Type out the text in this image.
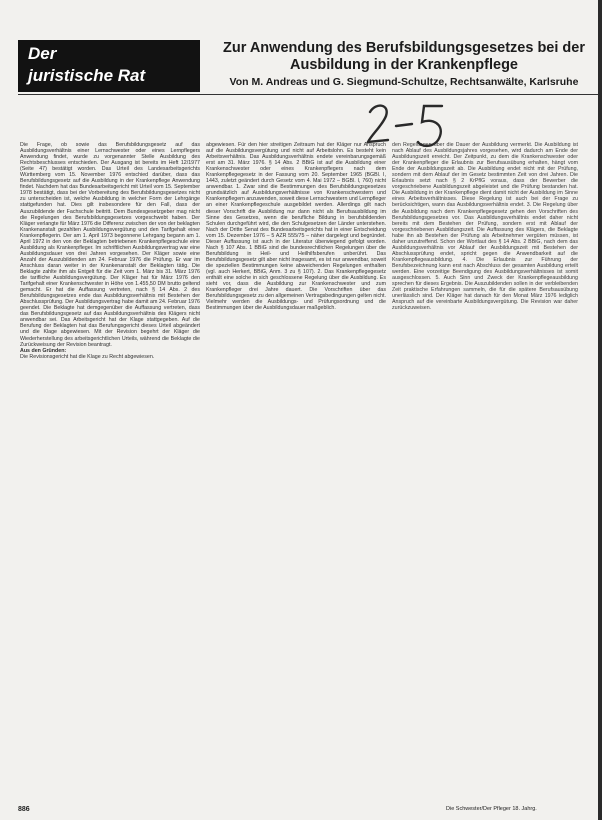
Der
juristische Rat
Zur Anwendung des Berufsbildungsgesetzes bei der Ausbildung in der Krankenpflege
Von M. Andreas und G. Siegmund-Schultze, Rechtsanwälte, Karlsruhe

Die Frage, ob sowie das Berufsbildungsgesetz auf das Ausbildungsverhältnis einer Lernschwester oder eines Lernpflegers Anwendung findet, wurde zu vorgenannter Stelle Ausbildung des Rechtsbeschlusses entschieden. Der Ausgang ist bereits im Heft 12/1977 (Seite 47) bestätigt worden. Das Urteil des Landesarbeitsgerichts Württemberg vom 15. November 1976 entschied darüber, dass das Berufsbildungsgesetz auf die Ausbildung in der Krankenpflege Anwendung findet. Nachdem hat das Bundesarbeitsgericht mit Urteil vom 15. September 1978 bestätigt, dass bei der Vorbereitung des Berufsbildungsgesetzes nicht zu unterscheiden ist, welche Ausbildung in welcher Form der Lehrgänge stattgefunden hat. Dies gilt insbesondere für den Fall, dass der Auszubildende der Fachschule beitritt. Dem Bundesgesetzgeber mag nicht die Regelungen des Berufsbildungsgesetzes vorgeschwebt haben. Der Kläger verlangte für März 1976 die Differenz zwischen der von der beklagten Krankenanstalt gezahlten Ausbildungsvergütung und den Tarifgehalt einer Krankenpflegerin. Der am 1. April 1973 begonnene Lehrgang begann am 1. April 1972 in den von der Beklagten betriebenen Krankenpflegeschule eine Ausbildung als Krankenpfleger. Im schriftlichen Ausbildungsvertrag war eine Ausbildungsdauer von drei Jahren vorgesehen. Der Kläger sowie eine Anzahl der Auszubildenden am 24. Februar 1976 die Prüfung. Er war im Anschluss daran weiter in der Krankenanstalt der Beklagten tätig. Die Beklagte zahlte ihm als Entgelt für die Zeit vom 1. März bis 31. März 1976 die tarifliche Ausbildungsvergütung. Der Kläger hat für März 1976 den Tarifgehalt einer Krankenschwester in Höhe von 1.455,50 DM brutto geltend gemacht. Er hat die Auffassung vertreten, nach § 14 Abs. 2 des Berufsbildungsgesetzes ende das Ausbildungsverhältnis mit Bestehen der Abschlussprüfung. Der Ausbildungsvertrag habe damit am 24. Februar 1976 geendet. Die Beklagte hat demgegenüber die Auffassung vertreten, dass das Berufsbildungsgesetz auf das Ausbildungsverhältnis des Klägers nicht anwendbar sei. Das Arbeitsgericht hat der Klage stattgegeben. Auf die Berufung der Beklagten hat das Berufungsgericht dieses Urteil abgeändert und die Klage abgewiesen. Mit der Revision begehrt der Kläger die Wiederherstellung des arbeitsgerichtlichen Urteils, während die Beklagte die Zurückweisung der Revision beantragt.

Aus den Gründen:

Die Revisionsgericht hat die Klage zu Recht abgewiesen.

abgewiesen. Für den hier streitigen Zeitraum hat der Kläger nur Anspruch auf die Ausbildungsvergütung und nicht auf Arbeitslohn. Es besteht kein Arbeitsverhältnis. Das Ausbildungsverhältnis endete vereinbarungsgemäß erst am 31. März 1976. § 14 Abs. 2 BBiG ist auf die Ausbildung einer Krankenschwester oder eines Krankenpflegers nach dem Krankenpflegegesetz in der Fassung vom 20. September 1965 (BGBl. I, 1443, zuletzt geändert durch Gesetz vom 4. Mai 1972 – BGBl. I, 760) nicht anwendbar. 1. Zwar sind die Bestimmungen des Berufsbildungsgesetzes grundsätzlich auf Ausbildungsverhältnisse von Krankenschwestern und Krankenpflegern anzuwenden, soweit diese Lernschwestern und Lernpfleger an einer Krankenpflegeschule ausgebildet werden. Allerdings gilt nach dieser Vorschrift die Ausbildung nur dann nicht als Berufsausbildung im Sinne des Gesetzes, wenn die berufliche Bildung in berufsbildenden Schulen durchgeführt wird, die den Schulgesetzen der Länder unterstehen. Nach der Dritte Senat des Bundesarbeitsgerichts hat in einer Entscheidung vom 15. Dezember 1976 – 5 AZR 555/75 – näher dargelegt und begründet. Dieser Auffassung ist auch in der Literatur überwiegend gefolgt worden. Nach § 107 Abs. 1 BBiG sind die bundesrechtlichen Regelungen über die Berufsbildung in Heil- und Heilhilfsberufen unberührt. Das Berufsbildungsgesetz gilt aber nicht insgesamt, es ist nur anwendbar, soweit die speziellen Bestimmungen keine abweichenden Regelungen enthalten (vgl. auch Herkert, BBiG, Anm. 3 zu § 107). 2. Das Krankenpflegegesetz enthält eine solche in sich geschlossene Regelung über die Ausbildung. Es sieht vor, dass die Ausbildung zur Krankenschwester und zum Krankenpfleger drei Jahre dauert. Die Vorschriften über das Berufsbildungsgesetz zu den allgemeinen Vertragsbedingungen gelten nicht. Vielmehr werden die Ausbildungs- und Prüfungsordnung und die Bestimmungen über die Ausbildungsdauer maßgeblich.

den Regelungen über die Dauer der Ausbildung vermerkt. Die Ausbildung ist nach Ablauf des Ausbildungsjahres vorgesehen, wird dadurch am Ende der Ausbildungszeit erreicht. Der Zeitpunkt, zu dem die Krankenschwester oder der Krankenpfleger die Erlaubnis zur Berufsausübung erhalten, hängt vom Ende der Ausbildungszeit ab. Die Ausbildung endet nicht mit der Prüfung, sondern mit dem Ablauf der im Gesetz bestimmten Zeit von drei Jahren. Die Erlaubnis setzt nach § 2 KrPflG voraus, dass der Bewerber die vorgeschriebene Ausbildungszeit abgeleistet und die Prüfung bestanden hat. Die Ausbildung in der Krankenpflege dient damit nicht der Ausbildung im Sinne eines Arbeitsverhältnisses. Diese Regelung ist auch bei der Frage zu berücksichtigen, wann das Ausbildungsverhältnis endet. 3. Die Regelung über die Ausbildung nach dem Krankenpflegegesetz gehen den Vorschriften des Berufsbildungsgesetzes vor. Das Ausbildungsverhältnis endet daher nicht bereits mit dem Bestehen der Prüfung, sondern erst mit Ablauf der vorgeschriebenen Ausbildungszeit. Die Auffassung des Klägers, die Beklagte habe ihn ab Bestehen der Prüfung als Arbeitnehmer vergüten müssen, ist daher unzutreffend. Schon der Wortlaut des § 14 Abs. 2 BBiG, nach dem das Ausbildungsverhältnis vor Ablauf der Ausbildungszeit mit Bestehen der Abschlussprüfung endet, spricht gegen die Anwendbarkeit auf die Krankenpflegeausbildung. 4. Die Erlaubnis zur Führung der Berufsbezeichnung kann erst nach Abschluss der gesamten Ausbildung erteilt werden. Eine vorzeitige Beendigung des Ausbildungsverhältnisses ist somit ausgeschlossen. 5. Auch Sinn und Zweck der Krankenpflegeausbildung sprechen für dieses Ergebnis. Die Auszubildenden sollen in der verbleibenden Zeit praktische Erfahrungen sammeln, die für die spätere Berufsausübung unerlässlich sind. Der Kläger hat danach für den Monat März 1976 lediglich Anspruch auf die vereinbarte Ausbildungsvergütung. Die Revision war daher zurückzuweisen.

886	Die Schwester/Der Pfleger 18. Jahrg.
